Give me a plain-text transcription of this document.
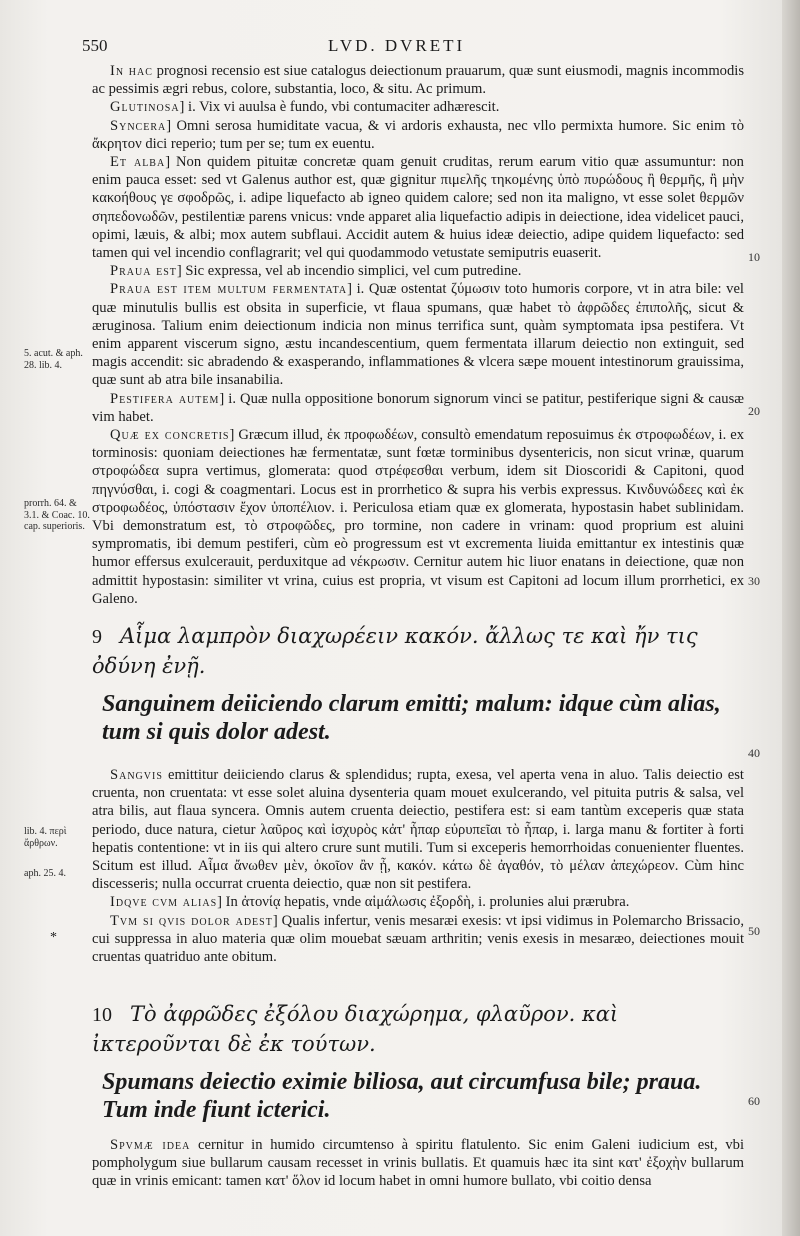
550	LVD. DVRETI

In hac prognosi recensio est siue catalogus deiectionum prauarum, quæ sunt eiusmodi, magnis incommodis ac pessimis ægri rebus, colore, substantia, loco, & situ. Ac primum.

Glutinosa] i. Vix vi auulsa è fundo, vbi contumaciter adhærescit.

Syncera] Omni serosa humiditate vacua, & vi ardoris exhausta, nec vllo permixta humore. Sic enim τὸ ἄκρητον dici reperio; tum per se; tum ex euentu.

Et alba] Non quidem pituitæ concretæ quam genuit cruditas, rerum earum vitio quæ assumuntur: non enim pauca esset: sed vt Galenus author est, quæ gignitur πιμελῆς τηκομένης ὑπὸ πυρώδους ἢ θερμῆς, ἢ μὴν κακοήθους γε σφοδρῶς, i. adipe liquefacto ab igneo quidem calore; sed non ita maligno, vt esse solet θερμῶν σηπεδονωδῶν, pestilentiæ parens vnicus: vnde apparet alia liquefactio adipis in deiectione, idea videlicet pauci, opimi, læuis, & albi; mox autem subflaui. Accidit autem & huius ideæ deiectio, adipe quidem liquefacto: sed tamen qui vel incendio conflagrarit; vel qui quodammodo vetustate semiputris euaserit.

Praua est] Sic expressa, vel ab incendio simplici, vel cum putredine.

Praua est item multum fermentata] i. Quæ ostentat ζύμωσιν toto humoris corpore, vt in atra bile: vel quæ minutulis bullis est obsita in superficie, vt flaua spumans, quæ habet τὸ ἀφρῶδες ἐπιπολῆς, sicut & æruginosa. Talium enim deiectionum indicia non minus terrifica sunt, quàm symptomata ipsa pestifera. Vt enim apparent viscerum signo, æstu incandescentium, quem fermentata illarum deiectio non extinguit, sed magis accendit: sic abradendo & exasperando, inflammationes & vlcera sæpe mouent intestinorum grauissima, quæ sunt ab atra bile insanabilia.

Pestifera autem] i. Quæ nulla oppositione bonorum signorum vinci se patitur, pestiferique signi & causæ vim habet.

Quæ ex concretis] Græcum illud, ἐκ προφωδέων, consultò emendatum reposuimus ἐκ στροφωδέων, i. ex torminosis: quoniam deiectiones hæ fermentatæ, sunt fœtæ torminibus dysentericis, non sicut vrinæ, quarum στροφώδεα supra vertimus, glomerata: quod στρέφεσθαι verbum, idem sit Dioscoridi & Capitoni, quod πηγνύσθαι, i. cogi & coagmentari. Locus est in prorrhetico & supra his verbis expressus. Κινδυνώδεες καὶ ἐκ στροφωδέος, ὑπόστασιν ἔχον ὑποπέλιον. i. Periculosa etiam quæ ex glomerata, hypostasin habet sublinidam. Vbi demonstratum est, τὸ στροφῶδες, pro tormine, non cadere in vrinam: quod proprium est aluini sympromatis, ibi demum pestiferi, cùm eò progressum est vt excrementa liuida emittantur ex intestinis quæ humor effersus exulcerauit, perduxitque ad νέκρωσιν. Cernitur autem hic liuor enatans in deiectione, quæ non admittit hypostasin: similiter vt vrina, cuius est propria, vt visum est Capitoni ad locum illum prorrhetici, ex Galeno.

9 Αἷμα λαμπρὸν διαχωρέειν κακόν. ἄλλως τε καὶ ἤν τις ὀδύνη ἐνῇ.
Sanguinem deiiciendo clarum emitti; malum: idque cùm alias, tum si quis dolor adest.

Sangvis emittitur deiiciendo clarus & splendidus; rupta, exesa, vel aperta vena in aluo. Talis deiectio est cruenta, non cruentata: vt esse solet aluina dysenteria quam mouet exulcerando, vel pituita putris & salsa, vel atra bilis, aut flaua syncera. Omnis autem cruenta deiectio, pestifera est: si eam tantùm exceperis quæ stata periodo, duce natura, cietur λαῦρος καὶ ἰσχυρὸς κἀτ' ἧπαρ εὐρυπεῖαι τὸ ἧπαρ, i. larga manu & fortiter à forti hepatis contentione: vt in iis qui altero crure sunt mutili. Tum si exceperis hemorrhoidas conuenienter fluentes. Scitum est illud. Αἷμα ἄνωθεν μὲν, ὁκοῖον ἂν ᾖ, κακόν. κάτω δὲ ἀγαθόν, τὸ μέλαν ἀπεχώρεον. Cùm hinc discesseris; nulla occurrat cruenta deiectio, quæ non sit pestifera.

Idqve cvm alias] In ἀτονίᾳ hepatis, vnde αἱμάλωσις ἐξορδὴ, i. prolunies alui prærubra.

Tvm si qvis dolor adest] Qualis infertur, venis mesaræi exesis: vt ipsi vidimus in Polemarcho Brissacio, cui suppressa in aluo materia quæ olim mouebat sæuam arthritin; venis exesis in mesaræo, deiectiones mouit cruentas quatriduo ante obitum.

10 Τὸ ἀφρῶδες ἐξόλου διαχώρημα, φλαῦρον. καὶ ἰκτεροῦνται δὲ ἐκ τούτων.
Spumans deiectio eximie biliosa, aut circumfusa bile; praua. Tum inde fiunt icterici.

Spvmæ idea cernitur in humido circumtenso à spiritu flatulento. Sic enim Galeni iudicium est, vbi pompholygum siue bullarum causam recesset in vrinis bullatis. Et quamuis hæc ita sint κατ' ἐξοχὴν bullarum quæ in vrinis emicant: tamen κατ' ὅλον id locum habet in omni humore bullato, vbi coitio densa

5. acut. & aph. 28. lib. 4.
prorrh. 64. & 3.1. & Coac. 10. cap. superioris.
lib. 4. περὶ ἄρθρων.
aph. 25. 4.
*
10
20
30
40
50
60
